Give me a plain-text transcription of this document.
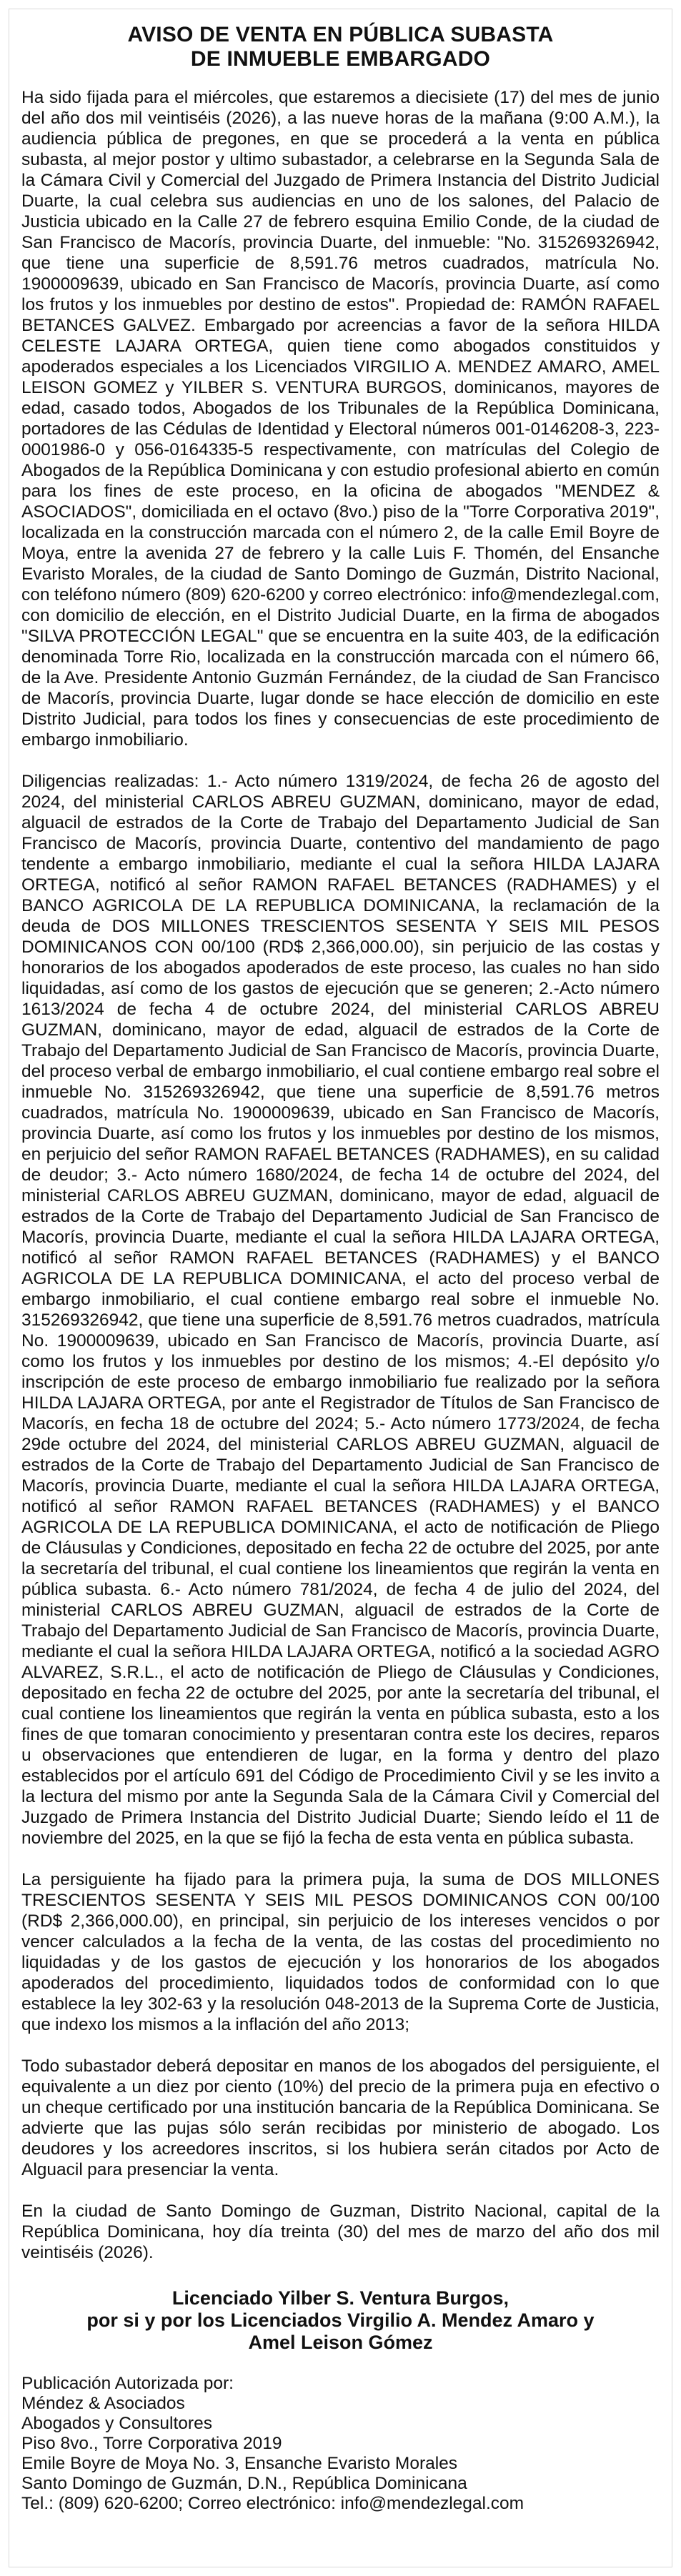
AVISO DE VENTA EN PÚBLICA SUBASTA
DE INMUEBLE EMBARGADO

Ha sido fijada para el miércoles, que estaremos a diecisiete (17) del mes de junio del año dos mil veintiséis (2026), a las nueve horas de la mañana (9:00 A.M.), la audiencia pública de pregones, en que se procederá a la venta en pública subasta, al mejor postor y ultimo subastador, a celebrarse en la Segunda Sala de la Cámara Civil y Comercial del Juzgado de Primera Instancia del Distrito Judicial Duarte, la cual celebra sus audiencias en uno de los salones, del Palacio de Justicia ubicado en la Calle 27 de febrero esquina Emilio Conde, de la ciudad de San Francisco de Macorís, provincia Duarte, del inmueble: "No. 315269326942, que tiene una superficie de 8,591.76 metros cuadrados, matrícula No. 1900009639, ubicado en San Francisco de Macorís, provincia Duarte, así como los frutos y los inmuebles por destino de estos". Propiedad de: RAMÓN RAFAEL BETANCES GALVEZ. Embargado por acreencias a favor de la señora HILDA CELESTE LAJARA ORTEGA, quien tiene como abogados constituidos y apoderados especiales a los Licenciados VIRGILIO A. MENDEZ AMARO, AMEL LEISON GOMEZ y YILBER S. VENTURA BURGOS, dominicanos, mayores de edad, casado todos, Abogados de los Tribunales de la República Dominicana, portadores de las Cédulas de Identidad y Electoral números 001-0146208-3, 223-0001986-0 y 056-0164335-5 respectivamente, con matrículas del Colegio de Abogados de la República Dominicana y con estudio profesional abierto en común para los fines de este proceso, en la oficina de abogados "MENDEZ & ASOCIADOS", domiciliada en el octavo (8vo.) piso de la "Torre Corporativa 2019", localizada en la construcción marcada con el número 2, de la calle Emil Boyre de Moya, entre la avenida 27 de febrero y la calle Luis F. Thomén, del Ensanche Evaristo Morales, de la ciudad de Santo Domingo de Guzmán, Distrito Nacional, con teléfono número (809) 620-6200 y correo electrónico: info@mendezlegal.com, con domicilio de elección, en el Distrito Judicial Duarte, en la firma de abogados "SILVA PROTECCIÓN LEGAL" que se encuentra en la suite 403, de la edificación denominada Torre Rio, localizada en la construcción marcada con el número 66, de la Ave. Presidente Antonio Guzmán Fernández, de la ciudad de San Francisco de Macorís, provincia Duarte, lugar donde se hace elección de domicilio en este Distrito Judicial, para todos los fines y consecuencias de este procedimiento de embargo inmobiliario.

Diligencias realizadas: 1.- Acto número 1319/2024, de fecha 26 de agosto del 2024, del ministerial CARLOS ABREU GUZMAN, dominicano, mayor de edad, alguacil de estrados de la Corte de Trabajo del Departamento Judicial de San Francisco de Macorís, provincia Duarte, contentivo del mandamiento de pago tendente a embargo inmobiliario, mediante el cual la señora HILDA LAJARA ORTEGA, notificó al señor RAMON RAFAEL BETANCES (RADHAMES) y el BANCO AGRICOLA DE LA REPUBLICA DOMINICANA, la reclamación de la deuda de DOS MILLONES TRESCIENTOS SESENTA Y SEIS MIL PESOS DOMINICANOS CON 00/100 (RD$ 2,366,000.00), sin perjuicio de las costas y honorarios de los abogados apoderados de este proceso, las cuales no han sido liquidadas, así como de los gastos de ejecución que se generen; 2.-Acto número 1613/2024 de fecha 4 de octubre 2024, del ministerial CARLOS ABREU GUZMAN, dominicano, mayor de edad, alguacil de estrados de la Corte de Trabajo del Departamento Judicial de San Francisco de Macorís, provincia Duarte, del proceso verbal de embargo inmobiliario, el cual contiene embargo real sobre el inmueble No. 315269326942, que tiene una superficie de 8,591.76 metros cuadrados, matrícula No. 1900009639, ubicado en San Francisco de Macorís, provincia Duarte, así como los frutos y los inmuebles por destino de los mismos, en perjuicio del señor RAMON RAFAEL BETANCES (RADHAMES), en su calidad de deudor; 3.- Acto número 1680/2024, de fecha 14 de octubre del 2024, del ministerial CARLOS ABREU GUZMAN, dominicano, mayor de edad, alguacil de estrados de la Corte de Trabajo del Departamento Judicial de San Francisco de Macorís, provincia Duarte, mediante el cual la señora HILDA LAJARA ORTEGA, notificó al señor RAMON RAFAEL BETANCES (RADHAMES) y el BANCO AGRICOLA DE LA REPUBLICA DOMINICANA, el acto del proceso verbal de embargo inmobiliario, el cual contiene embargo real sobre el inmueble No. 315269326942, que tiene una superficie de 8,591.76 metros cuadrados, matrícula No. 1900009639, ubicado en San Francisco de Macorís, provincia Duarte, así como los frutos y los inmuebles por destino de los mismos; 4.-El depósito y/o inscripción de este proceso de embargo inmobiliario fue realizado por la señora HILDA LAJARA ORTEGA, por ante el Registrador de Títulos de San Francisco de Macorís, en fecha 18 de octubre del 2024; 5.- Acto número 1773/2024, de fecha 29de octubre del 2024, del ministerial CARLOS ABREU GUZMAN, alguacil de estrados de la Corte de Trabajo del Departamento Judicial de San Francisco de Macorís, provincia Duarte, mediante el cual la señora HILDA LAJARA ORTEGA, notificó al señor RAMON RAFAEL BETANCES (RADHAMES) y el BANCO AGRICOLA DE LA REPUBLICA DOMINICANA, el acto de notificación de Pliego de Cláusulas y Condiciones, depositado en fecha 22 de octubre del 2025, por ante la secretaría del tribunal, el cual contiene los lineamientos que regirán la venta en pública subasta. 6.- Acto número 781/2024, de fecha 4 de julio del 2024, del ministerial CARLOS ABREU GUZMAN, alguacil de estrados de la Corte de Trabajo del Departamento Judicial de San Francisco de Macorís, provincia Duarte, mediante el cual la señora HILDA LAJARA ORTEGA, notificó a la sociedad AGRO ALVAREZ, S.R.L., el acto de notificación de Pliego de Cláusulas y Condiciones, depositado en fecha 22 de octubre del 2025, por ante la secretaría del tribunal, el cual contiene los lineamientos que regirán la venta en pública subasta, esto a los fines de que tomaran conocimiento y presentaran contra este los decires, reparos u observaciones que entendieren de lugar, en la forma y dentro del plazo establecidos por el artículo 691 del Código de Procedimiento Civil y se les invito a la lectura del mismo por ante la Segunda Sala de la Cámara Civil y Comercial del Juzgado de Primera Instancia del Distrito Judicial Duarte; Siendo leído el 11 de noviembre del 2025, en la que se fijó la fecha de esta venta en pública subasta.

La persiguiente ha fijado para la primera puja, la suma de DOS MILLONES TRESCIENTOS SESENTA Y SEIS MIL PESOS DOMINICANOS CON 00/100 (RD$ 2,366,000.00), en principal, sin perjuicio de los intereses vencidos o por vencer calculados a la fecha de la venta, de las costas del procedimiento no liquidadas y de los gastos de ejecución y los honorarios de los abogados apoderados del procedimiento, liquidados todos de conformidad con lo que establece la ley 302-63 y la resolución 048-2013 de la Suprema Corte de Justicia, que indexo los mismos a la inflación del año 2013;

Todo subastador deberá depositar en manos de los abogados del persiguiente, el equivalente a un diez por ciento (10%) del precio de la primera puja en efectivo o un cheque certificado por una institución bancaria de la República Dominicana. Se advierte que las pujas sólo serán recibidas por ministerio de abogado. Los deudores y los acreedores inscritos, si los hubiera serán citados por Acto de Alguacil para presenciar la venta.

En la ciudad de Santo Domingo de Guzman, Distrito Nacional, capital de la República Dominicana, hoy día treinta (30) del mes de marzo del año dos mil veintiséis (2026).

Licenciado Yilber S. Ventura Burgos,
por si y por los Licenciados Virgilio A. Mendez Amaro y
Amel Leison Gómez
Publicación Autorizada por:
Méndez & Asociados
Abogados y Consultores
Piso 8vo., Torre Corporativa 2019
Emile Boyre de Moya No. 3, Ensanche Evaristo Morales
Santo Domingo de Guzmán, D.N., República Dominicana
Tel.: (809) 620-6200; Correo electrónico: info@mendezlegal.com
